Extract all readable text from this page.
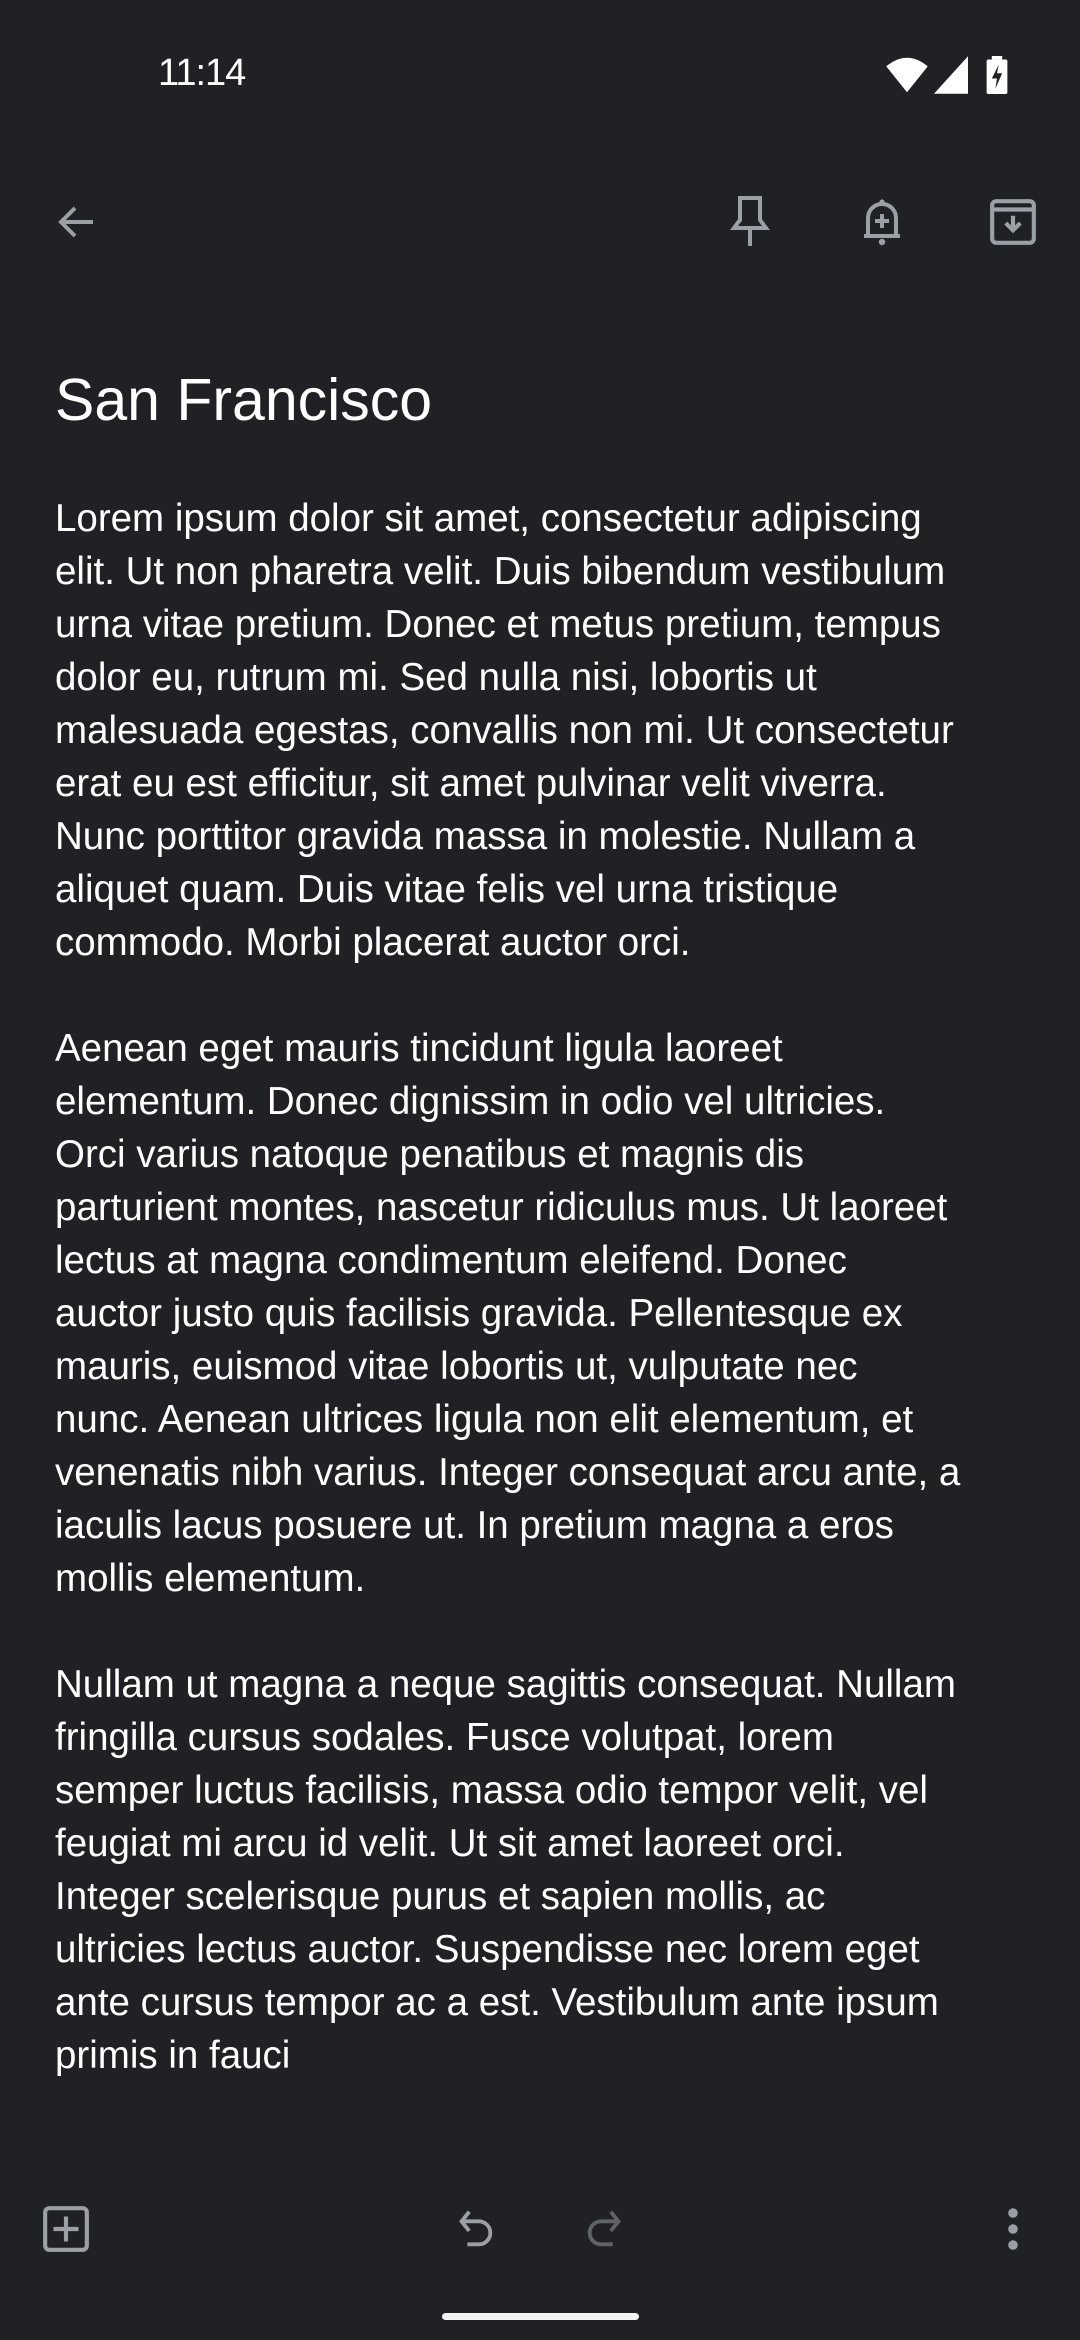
11:14
San Francisco

Lorem ipsum dolor sit amet, consectetur adipiscing
elit. Ut non pharetra velit. Duis bibendum vestibulum
urna vitae pretium. Donec et metus pretium, tempus
dolor eu, rutrum mi. Sed nulla nisi, lobortis ut
malesuada egestas, convallis non mi. Ut consectetur
erat eu est efficitur, sit amet pulvinar velit viverra.
Nunc porttitor gravida massa in molestie. Nullam a
aliquet quam. Duis vitae felis vel urna tristique
commodo. Morbi placerat auctor orci.

Aenean eget mauris tincidunt ligula laoreet
elementum. Donec dignissim in odio vel ultricies.
Orci varius natoque penatibus et magnis dis
parturient montes, nascetur ridiculus mus. Ut laoreet
lectus at magna condimentum eleifend. Donec
auctor justo quis facilisis gravida. Pellentesque ex
mauris, euismod vitae lobortis ut, vulputate nec
nunc. Aenean ultrices ligula non elit elementum, et
venenatis nibh varius. Integer consequat arcu ante, a
iaculis lacus posuere ut. In pretium magna a eros
mollis elementum.

Nullam ut magna a neque sagittis consequat. Nullam
fringilla cursus sodales. Fusce volutpat, lorem
semper luctus facilisis, massa odio tempor velit, vel
feugiat mi arcu id velit. Ut sit amet laoreet orci.
Integer scelerisque purus et sapien mollis, ac
ultricies lectus auctor. Suspendisse nec lorem eget
ante cursus tempor ac a est. Vestibulum ante ipsum
primis in fauci
